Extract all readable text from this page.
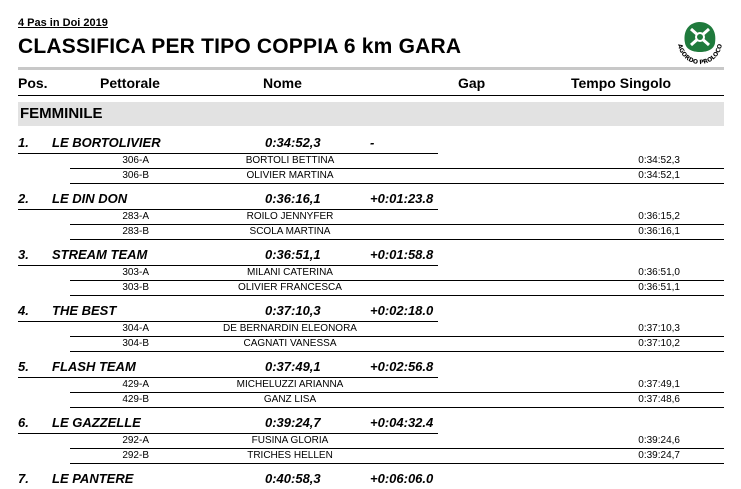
4 Pas in Doi 2019
CLASSIFICA PER TIPO COPPIA 6 km GARA	AGORDO PROLOCO
Pos.	Pettorale	Nome	Gap	Tempo Singolo
FEMMINILE
1. LE BORTOLIVIER	0:34:52,3	-
306-A	BORTOLI BETTINA	0:34:52,3
306-B	OLIVIER MARTINA	0:34:52,1
2. LE DIN DON	0:36:16,1	+0:01:23.8
283-A	ROILO JENNYFER	0:36:15,2
283-B	SCOLA MARTINA	0:36:16,1
3. STREAM TEAM	0:36:51,1	+0:01:58.8
303-A	MILANI CATERINA	0:36:51,0
303-B	OLIVIER FRANCESCA	0:36:51,1
4. THE BEST	0:37:10,3	+0:02:18.0
304-A	DE BERNARDIN ELEONORA	0:37:10,3
304-B	CAGNATI VANESSA	0:37:10,2
5. FLASH TEAM	0:37:49,1	+0:02:56.8
429-A	MICHELUZZI ARIANNA	0:37:49,1
429-B	GANZ LISA	0:37:48,6
6. LE GAZZELLE	0:39:24,7	+0:04:32.4
292-A	FUSINA GLORIA	0:39:24,6
292-B	TRICHES HELLEN	0:39:24,7
7. LE PANTERE	0:40:58,3	+0:06:06.0
